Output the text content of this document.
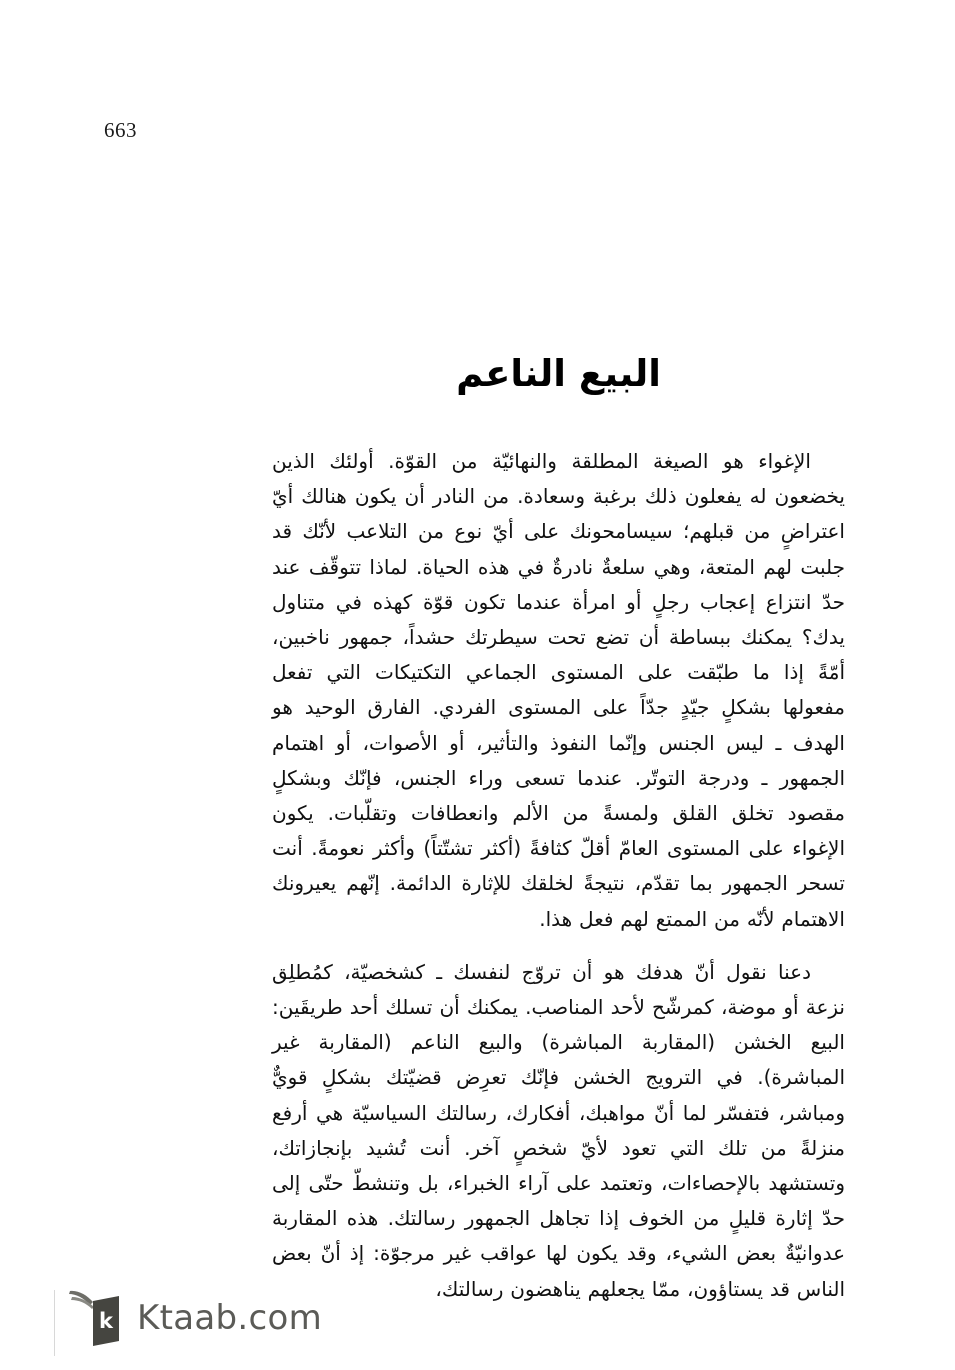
663
البيع الناعم

الإغواء هو الصيغة المطلقة والنهائيّة من القوّة. أولئك الذين يخضعون له يفعلون ذلك برغبة وسعادة. من النادر أن يكون هنالك أيّ اعتراضٍ من قبلهم؛ سيسامحونك على أيّ نوع من التلاعب لأنّك قد جلبت لهم المتعة، وهي سلعةٌ نادرةٌ في هذه الحياة. لماذا تتوقّف عند حدّ انتزاع إعجاب رجلٍ أو امرأة عندما تكون قوّة كهذه في متناول يدك؟ يمكنك ببساطة أن تضع تحت سيطرتك حشداً، جمهور ناخبين، أمّةً إذا ما طبّقت على المستوى الجماعي التكتيكات التي تفعل مفعولها بشكلٍ جيّدٍ جدّاً على المستوى الفردي. الفارق الوحيد هو الهدف ـ ليس الجنس وإنّما النفوذ والتأثير، أو الأصوات، أو اهتمام الجمهور ـ ودرجة التوتّر. عندما تسعى وراء الجنس، فإنّك وبشكلٍ مقصود تخلق القلق ولمسةً من الألم وانعطافات وتقلّبات. يكون الإغواء على المستوى العامّ أقلّ كثافةً (أكثر تشتّتاً) وأكثر نعومةً. أنت تسحر الجمهور بما تقدّم، نتيجةً لخلقك للإثارة الدائمة. إنّهم يعيرونك الاهتمام لأنّه من الممتع لهم فعل هذا.

دعنا نقول أنّ هدفك هو أن تروّج لنفسك ـ كشخصيّة، كمُطلِق نزعة أو موضة، كمرشّح لأحد المناصب. يمكنك أن تسلك أحد طريقَين: البيع الخشن (المقاربة المباشرة) والبيع الناعم (المقاربة غير المباشرة). في الترويج الخشن فإنّك تعرِض قضيّتك بشكلٍ قويٌّ ومباشر، فتفسّر لما أنّ مواهبك، أفكارك، رسالتك السياسيّة هي أرفع منزلةً من تلك التي تعود لأيّ شخصٍ آخر. أنت تُشيد بإنجازاتك، وتستشهد بالإحصاءات، وتعتمد على آراء الخبراء، بل وتنشطّ حتّى إلى حدّ إثارة قليلٍ من الخوف إذا تجاهل الجمهور رسالتك. هذه المقاربة عدوانيّةٌ بعض الشيء، وقد يكون لها عواقب غير مرجوّة: إذ أنّ بعض الناس قد يستاؤون، ممّا يجعلهم يناهضون رسالتك،

k Ktaab.com
